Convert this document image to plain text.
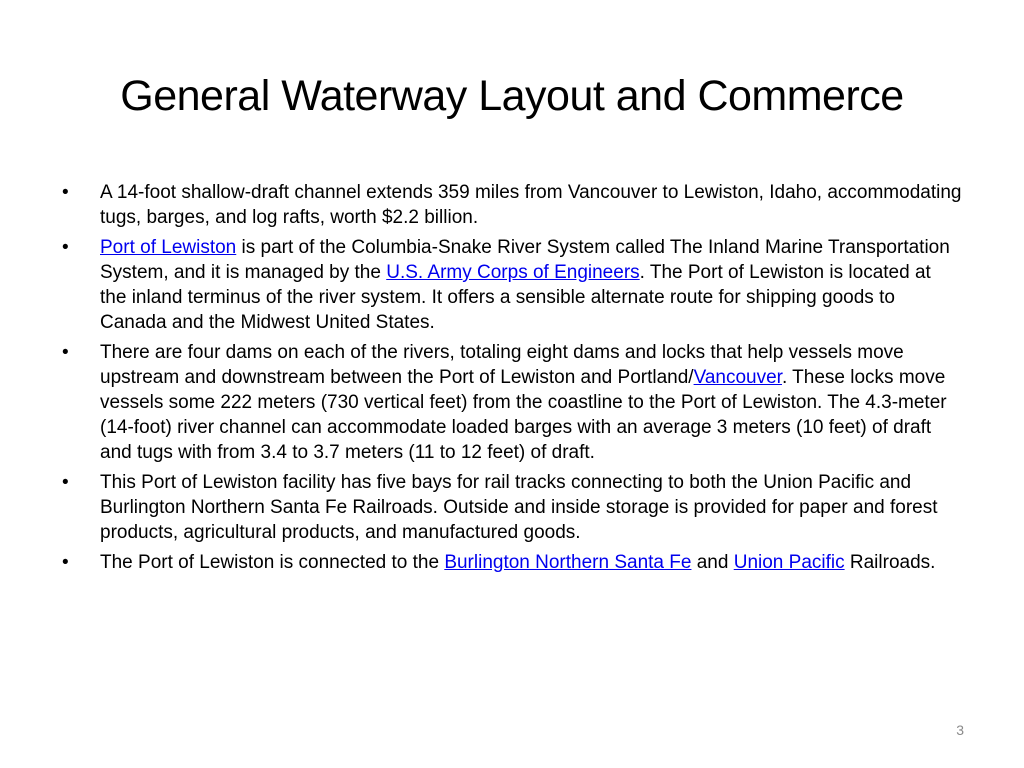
General Waterway Layout and Commerce
•	A 14-foot shallow-draft channel extends 359 miles from Vancouver to Lewiston, Idaho, accommodating tugs, barges, and log rafts, worth $2.2 billion.
•	Port of Lewiston is part of the Columbia-Snake River System called The Inland Marine Transportation System, and it is managed by the U.S. Army Corps of Engineers. The Port of Lewiston is located at the inland terminus of the river system. It offers a sensible alternate route for shipping goods to Canada and the Midwest United States.
•	There are four dams on each of the rivers, totaling eight dams and locks that help vessels move upstream and downstream between the Port of Lewiston and Portland/Vancouver. These locks move vessels some 222 meters (730 vertical feet) from the coastline to the Port of Lewiston. The 4.3-meter (14-foot) river channel can accommodate loaded barges with an average 3 meters (10 feet) of draft and tugs with from 3.4 to 3.7 meters (11 to 12 feet) of draft.
•	This Port of Lewiston facility has five bays for rail tracks connecting to both the Union Pacific and Burlington Northern Santa Fe Railroads. Outside and inside storage is provided for paper and forest products, agricultural products, and manufactured goods.
•	The Port of Lewiston is connected to the Burlington Northern Santa Fe and Union Pacific Railroads.
3
